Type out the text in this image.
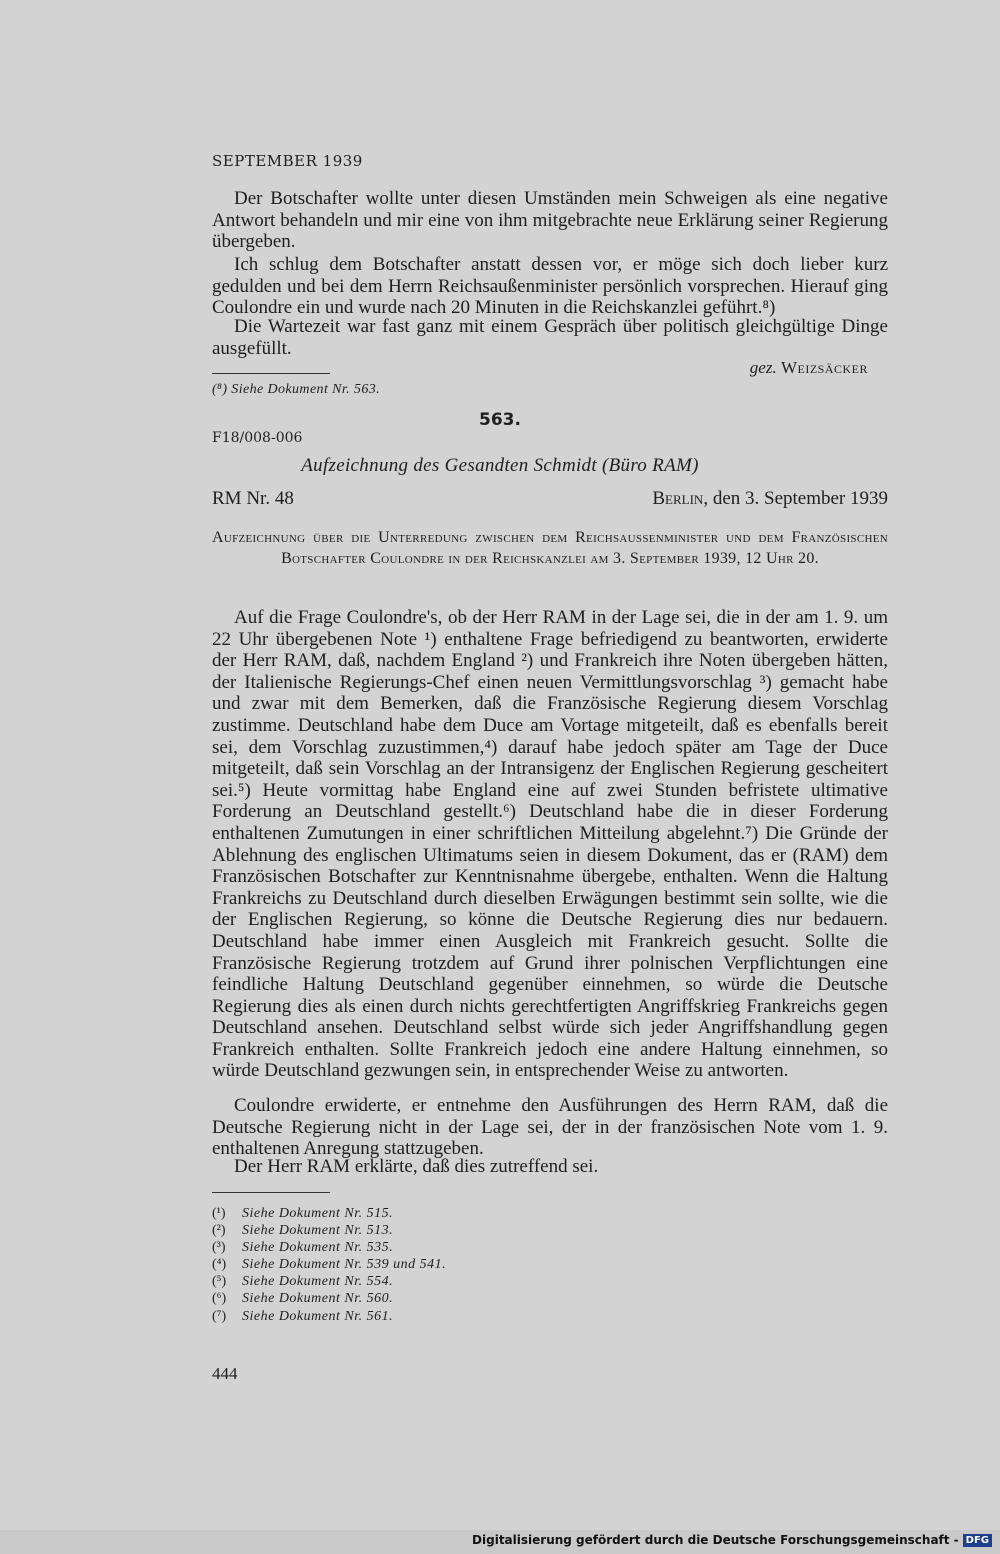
SEPTEMBER 1939
Der Botschafter wollte unter diesen Umständen mein Schweigen als eine negative Antwort behandeln und mir eine von ihm mitgebrachte neue Erklärung seiner Regierung übergeben.
Ich schlug dem Botschafter anstatt dessen vor, er möge sich doch lieber kurz gedulden und bei dem Herrn Reichsaußenminister persönlich vorsprechen. Hierauf ging Coulondre ein und wurde nach 20 Minuten in die Reichskanzlei geführt.⁸)
Die Wartezeit war fast ganz mit einem Gespräch über politisch gleichgültige Dinge ausgefüllt.
gez. Weizsäcker
(⁸) Siehe Dokument Nr. 563.
563.
F18/008-006
Aufzeichnung des Gesandten Schmidt (Büro RAM)
RM Nr. 48	Berlin, den 3. September 1939
Aufzeichnung über die Unterredung zwischen dem Reichsaussenminister und dem Französischen Botschafter Coulondre in der Reichskanzlei am 3. September 1939, 12 Uhr 20.
Auf die Frage Coulondre's, ob der Herr RAM in der Lage sei, die in der am 1. 9. um 22 Uhr übergebenen Note ¹) enthaltene Frage befriedigend zu beantworten, erwiderte der Herr RAM, daß, nachdem England ²) und Frankreich ihre Noten übergeben hätten, der Italienische Regierungs-Chef einen neuen Vermittlungsvorschlag ³) gemacht habe und zwar mit dem Bemerken, daß die Französische Regierung diesem Vorschlag zustimme. Deutschland habe dem Duce am Vortage mitgeteilt, daß es ebenfalls bereit sei, dem Vorschlag zuzustimmen,⁴) darauf habe jedoch später am Tage der Duce mitgeteilt, daß sein Vorschlag an der Intransigenz der Englischen Regierung gescheitert sei.⁵) Heute vormittag habe England eine auf zwei Stunden befristete ultimative Forderung an Deutschland gestellt.⁶) Deutschland habe die in dieser Forderung enthaltenen Zumutungen in einer schriftlichen Mitteilung abgelehnt.⁷) Die Gründe der Ablehnung des englischen Ultimatums seien in diesem Dokument, das er (RAM) dem Französischen Botschafter zur Kenntnisnahme übergebe, enthalten. Wenn die Haltung Frankreichs zu Deutschland durch dieselben Erwägungen bestimmt sein sollte, wie die der Englischen Regierung, so könne die Deutsche Regierung dies nur bedauern. Deutschland habe immer einen Ausgleich mit Frankreich gesucht. Sollte die Französische Regierung trotzdem auf Grund ihrer polnischen Verpflichtungen eine feindliche Haltung Deutschland gegenüber einnehmen, so würde die Deutsche Regierung dies als einen durch nichts gerechtfertigten Angriffskrieg Frankreichs gegen Deutschland ansehen. Deutschland selbst würde sich jeder Angriffshandlung gegen Frankreich enthalten. Sollte Frankreich jedoch eine andere Haltung einnehmen, so würde Deutschland gezwungen sein, in entsprechender Weise zu antworten.
Coulondre erwiderte, er entnehme den Ausführungen des Herrn RAM, daß die Deutsche Regierung nicht in der Lage sei, der in der französischen Note vom 1. 9. enthaltenen Anregung stattzugeben.
Der Herr RAM erklärte, daß dies zutreffend sei.
(¹) Siehe Dokument Nr. 515.
(²) Siehe Dokument Nr. 513.
(³) Siehe Dokument Nr. 535.
(⁴) Siehe Dokument Nr. 539 und 541.
(⁵) Siehe Dokument Nr. 554.
(⁶) Siehe Dokument Nr. 560.
(⁷) Siehe Dokument Nr. 561.
444
Digitalisierung gefördert durch die Deutsche Forschungsgemeinschaft - DFG
